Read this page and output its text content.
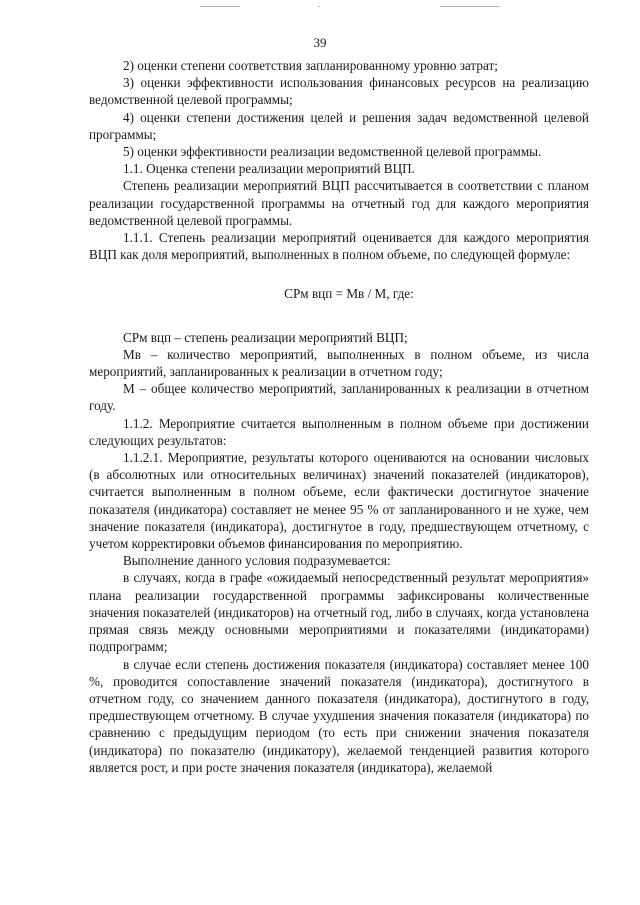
39

2) оценки степени соответствия запланированному уровню затрат;

3) оценки эффективности использования финансовых ресурсов на реализацию ведомственной целевой программы;

4) оценки степени достижения целей и решения задач ведомственной целевой программы;

5) оценки эффективности реализации ведомственной целевой программы.

1.1. Оценка степени реализации мероприятий ВЦП.

Степень реализации мероприятий ВЦП рассчитывается в соответствии с планом реализации государственной программы на отчетный год для каждого мероприятия ведомственной целевой программы.

1.1.1. Степень реализации мероприятий оценивается для каждого мероприятия ВЦП как доля мероприятий, выполненных в полном объеме, по следующей формуле:

СРм вцп = Мв / М, где:

СРм вцп – степень реализации мероприятий ВЦП;

Мв – количество мероприятий, выполненных в полном объеме, из числа мероприятий, запланированных к реализации в отчетном году;

М – общее количество мероприятий, запланированных к реализации в отчетном году.

1.1.2. Мероприятие считается выполненным в полном объеме при достижении следующих результатов:

1.1.2.1. Мероприятие, результаты которого оцениваются на основании числовых (в абсолютных или относительных величинах) значений показателей (индикаторов), считается выполненным в полном объеме, если фактически достигнутое значение показателя (индикатора) составляет не менее 95 % от запланированного и не хуже, чем значение показателя (индикатора), достигнутое в году, предшествующем отчетному, с учетом корректировки объемов финансирования по мероприятию.

Выполнение данного условия подразумевается:

в случаях, когда в графе «ожидаемый непосредственный результат мероприятия» плана реализации государственной программы зафиксированы количественные значения показателей (индикаторов) на отчетный год, либо в случаях, когда установлена прямая связь между основными мероприятиями и показателями (индикаторами) подпрограмм;

в случае если степень достижения показателя (индикатора) составляет менее 100 %, проводится сопоставление значений показателя (индикатора), достигнутого в отчетном году, со значением данного показателя (индикатора), достигнутого в году, предшествующем отчетному. В случае ухудшения значения показателя (индикатора) по сравнению с предыдущим периодом (то есть при снижении значения показателя (индикатора) по показателю (индикатору), желаемой тенденцией развития которого является рост, и при росте значения показателя (индикатора), желаемой
